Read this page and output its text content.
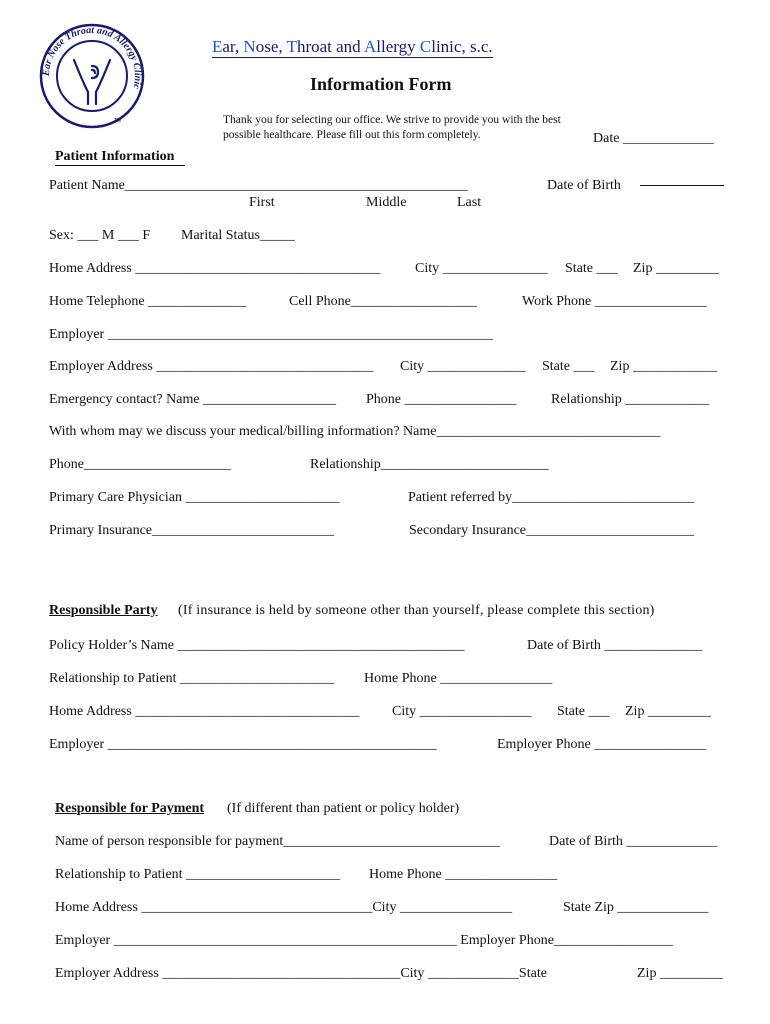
Ear Nose Throat and Allergy Clinic
TM
Ear, Nose, Throat and Allergy Clinic, s.c.
Information Form
Thank you for selecting our office. We strive to provide you with the best possible healthcare. Please fill out this form completely.	Date _____________
Patient Information
Patient Name_________________________________________________	Date of Birth
First	Middle	Last
Sex: ___ M ___ F Marital Status_____
Home Address ___________________________________ City _______________ State ___ Zip _________
Home Telephone ______________	Cell Phone__________________	Work Phone ________________
Employer _______________________________________________________
Employer Address _______________________________ City ______________ State ___ Zip ____________
Emergency contact? Name ___________________ Phone ________________ Relationship ____________
With whom may we discuss your medical/billing information? Name________________________________
Phone_____________________	Relationship________________________
Primary Care Physician ______________________	Patient referred by__________________________
Primary Insurance__________________________	Secondary Insurance________________________
Responsible Party (If insurance is held by someone other than yourself, please complete this section)
Policy Holder’s Name _________________________________________	Date of Birth ______________
Relationship to Patient ______________________ Home Phone ________________
Home Address ________________________________ City ________________ State ___ Zip _________
Employer _______________________________________________	Employer Phone ________________
Responsible for Payment (If different than patient or policy holder)
Name of person responsible for payment_______________________________	Date of Birth _____________
Relationship to Patient ______________________ Home Phone ________________
Home Address _________________________________City ________________	State Zip _____________
Employer _________________________________________________ Employer Phone_________________
Employer Address __________________________________City _____________State	Zip _________
